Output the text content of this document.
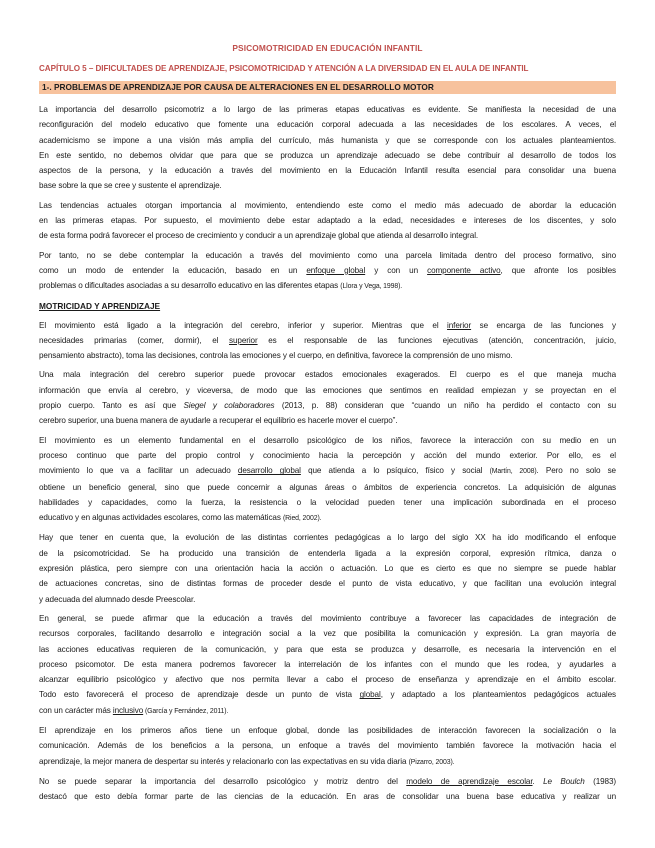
PSICOMOTRICIDAD EN EDUCACIÓN INFANTIL
CAPÍTULO 5 – DIFICULTADES DE APRENDIZAJE, PSICOMOTRICIDAD Y ATENCIÓN A LA DIVERSIDAD EN EL AULA DE INFANTIL
1-. PROBLEMAS DE APRENDIZAJE POR CAUSA DE ALTERACIONES EN EL DESARROLLO MOTOR
La importancia del desarrollo psicomotriz a lo largo de las primeras etapas educativas es evidente. Se manifiesta la necesidad de una
reconfiguración del modelo educativo que fomente una educación corporal adecuada a las necesidades de los escolares. A veces, el
academicismo se impone a una visión más amplia del currículo, más humanista y que se corresponde con los actuales planteamientos.
En este sentido, no debemos olvidar que para que se produzca un aprendizaje adecuado se debe contribuir al desarrollo de todos los
aspectos de la persona, y la educación a través del movimiento en la Educación Infantil resulta esencial para consolidar una buena
base sobre la que se cree y sustente el aprendizaje.
Las tendencias actuales otorgan importancia al movimiento, entendiendo este como el medio más adecuado de abordar la educación
en las primeras etapas. Por supuesto, el movimiento debe estar adaptado a la edad, necesidades e intereses de los discentes, y solo
de esta forma podrá favorecer el proceso de crecimiento y conducir a un aprendizaje global que atienda al desarrollo integral.
Por tanto, no se debe contemplar la educación a través del movimiento como una parcela limitada dentro del proceso formativo, sino
como un modo de entender la educación, basado en un enfoque global y con un componente activo, que afronte los posibles
problemas o dificultades asociadas a su desarrollo educativo en las diferentes etapas (Llora y Vega, 1998).
MOTRICIDAD Y APRENDIZAJE
El movimiento está ligado a la integración del cerebro, inferior y superior. Mientras que el inferior se encarga de las funciones y
necesidades primarias (comer, dormir), el superior es el responsable de las funciones ejecutivas (atención, concentración, juicio,
pensamiento abstracto), toma las decisiones, controla las emociones y el cuerpo, en definitiva, favorece la comprensión de uno mismo.
Una mala integración del cerebro superior puede provocar estados emocionales exagerados. El cuerpo es el que maneja mucha
información que envía al cerebro, y viceversa, de modo que las emociones que sentimos en realidad empiezan y se proyectan en el
propio cuerpo. Tanto es así que Siegel y colaboradores (2013, p. 88) consideran que “cuando un niño ha perdido el contacto con su
cerebro superior, una buena manera de ayudarle a recuperar el equilibrio es hacerle mover el cuerpo”.
El movimiento es un elemento fundamental en el desarrollo psicológico de los niños, favorece la interacción con su medio en un
proceso continuo que parte del propio control y conocimiento hacia la percepción y acción del mundo exterior. Por ello, es el
movimiento lo que va a facilitar un adecuado desarrollo global que atienda a lo psíquico, físico y social (Martín, 2008). Pero no solo se
obtiene un beneficio general, sino que puede concernir a algunas áreas o ámbitos de experiencia concretos. La adquisición de algunas
habilidades y capacidades, como la fuerza, la resistencia o la velocidad pueden tener una implicación subordinada en el proceso
educativo y en algunas actividades escolares, como las matemáticas (Ried, 2002).
Hay que tener en cuenta que, la evolución de las distintas corrientes pedagógicas a lo largo del siglo XX ha ido modificando el enfoque
de la psicomotricidad. Se ha producido una transición de entenderla ligada a la expresión corporal, expresión rítmica, danza o
expresión plástica, pero siempre con una orientación hacia la acción o actuación. Lo que es cierto es que no siempre se puede hablar
de actuaciones concretas, sino de distintas formas de proceder desde el punto de vista educativo, y que facilitan una evolución integral
y adecuada del alumnado desde Preescolar.
En general, se puede afirmar que la educación a través del movimiento contribuye a favorecer las capacidades de integración de
recursos corporales, facilitando desarrollo e integración social a la vez que posibilita la comunicación y expresión. La gran mayoría de
las acciones educativas requieren de la comunicación, y para que esta se produzca y desarrolle, es necesaria la intervención en el
proceso psicomotor. De esta manera podremos favorecer la interrelación de los infantes con el mundo que les rodea, y ayudarles a
alcanzar equilibrio psicológico y afectivo que nos permita llevar a cabo el proceso de enseñanza y aprendizaje en el ámbito escolar.
Todo esto favorecerá el proceso de aprendizaje desde un punto de vista global, y adaptado a los planteamientos pedagógicos actuales
con un carácter más inclusivo (García y Fernández, 2011).
El aprendizaje en los primeros años tiene un enfoque global, donde las posibilidades de interacción favorecen la socialización o la
comunicación. Además de los beneficios a la persona, un enfoque a través del movimiento también favorece la motivación hacia el
aprendizaje, la mejor manera de despertar su interés y relacionarlo con las expectativas en su vida diaria (Pizarro, 2003).
No se puede separar la importancia del desarrollo psicológico y motriz dentro del modelo de aprendizaje escolar. Le Boulch (1983)
destacó que esto debía formar parte de las ciencias de la educación. En aras de consolidar una buena base educativa y realizar un
